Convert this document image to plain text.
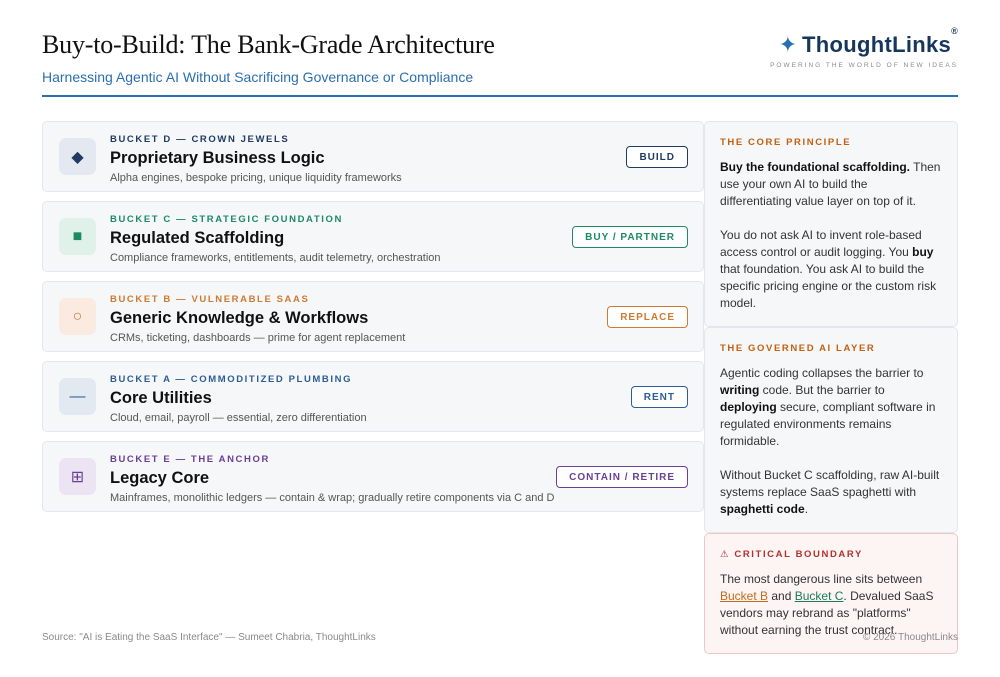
Buy-to-Build: The Bank-Grade Architecture
Harnessing Agentic AI Without Sacrificing Governance or Compliance
✦ ThoughtLinks®
POWERING THE WORLD OF NEW IDEAS
◆
BUCKET D — CROWN JEWELS
Proprietary Business Logic
Alpha engines, bespoke pricing, unique liquidity frameworks
BUILD
■
BUCKET C — STRATEGIC FOUNDATION
Regulated Scaffolding
Compliance frameworks, entitlements, audit telemetry, orchestration
BUY / PARTNER
○
BUCKET B — VULNERABLE SAAS
Generic Knowledge & Workflows
CRMs, ticketing, dashboards — prime for agent replacement
REPLACE
—
BUCKET A — COMMODITIZED PLUMBING
Core Utilities
Cloud, email, payroll — essential, zero differentiation
RENT
⊞
BUCKET E — THE ANCHOR
Legacy Core
Mainframes, monolithic ledgers — contain & wrap; gradually retire components via C and D
CONTAIN / RETIRE
THE CORE PRINCIPLE

Buy the foundational scaffolding. Then use your own AI to build the differentiating value layer on top of it.

You do not ask AI to invent role-based access control or audit logging. You buy that foundation. You ask AI to build the specific pricing engine or the custom risk model.

THE GOVERNED AI LAYER

Agentic coding collapses the barrier to writing code. But the barrier to deploying secure, compliant software in regulated environments remains formidable.

Without Bucket C scaffolding, raw AI-built systems replace SaaS spaghetti with spaghetti code.

⚠ CRITICAL BOUNDARY

The most dangerous line sits between Bucket B and Bucket C. Devalued SaaS vendors may rebrand as "platforms" without earning the trust contract.

Source: "AI is Eating the SaaS Interface" — Sumeet Chabria, ThoughtLinks	© 2026 ThoughtLinks
